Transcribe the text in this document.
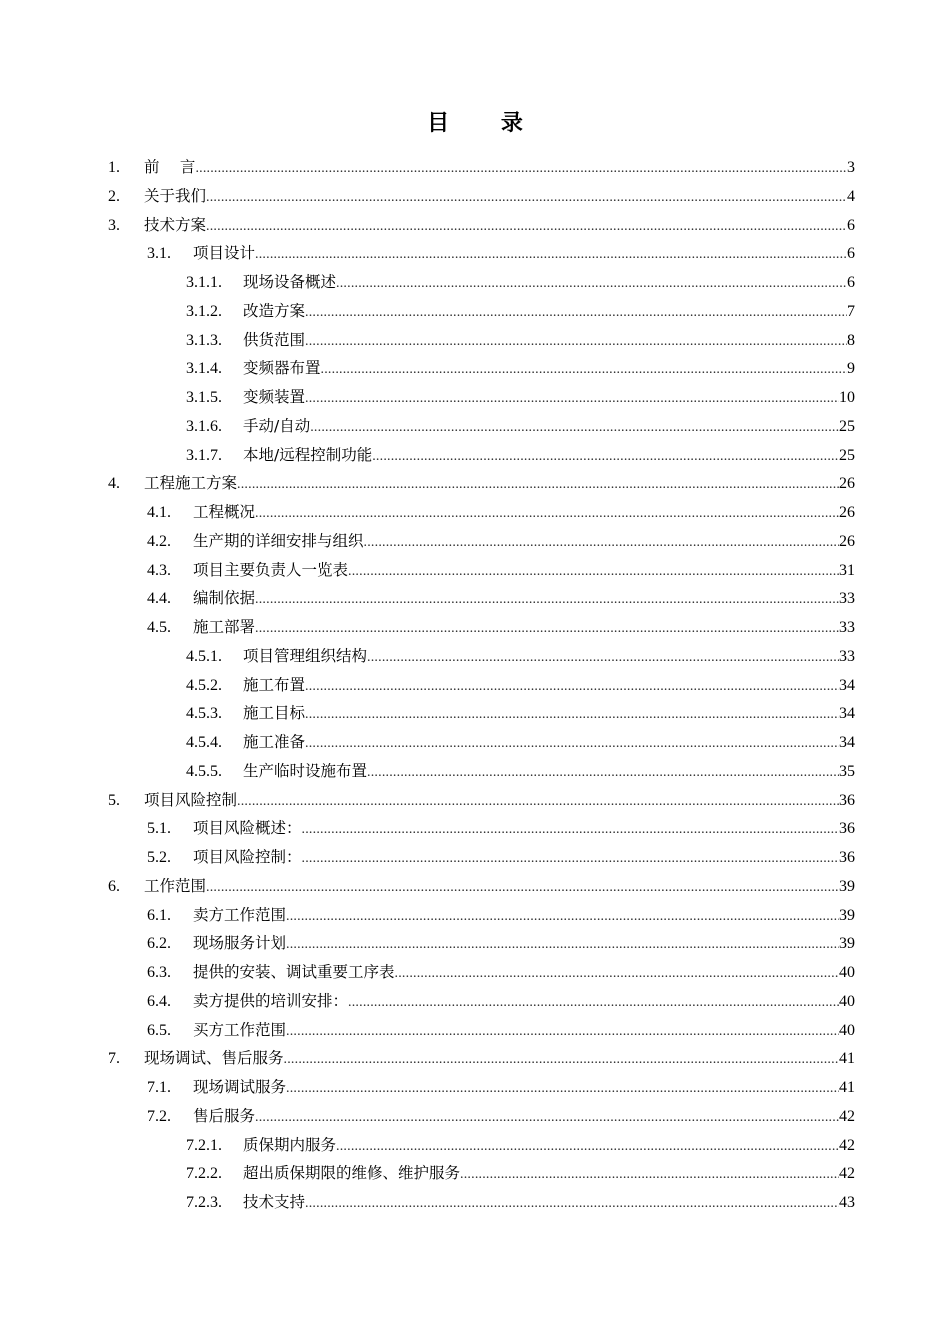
目 录
1.	前　 言 .....	3
2.	关于我们 .....	4
3.	技术方案 .....	6
3.1.	项目设计 .....	6
3.1.1.	现场设备概述 .....	6
3.1.2.	改造方案 .....	7
3.1.3.	供货范围 .....	8
3.1.4.	变频器布置 .....	9
3.1.5.	变频装置 .....	10
3.1.6.	手动/自动 .....	25
3.1.7.	本地/远程控制功能 .....	25
4.	工程施工方案 .....	26
4.1.	工程概况 .....	26
4.2.	生产期的详细安排与组织 .....	26
4.3.	项目主要负责人一览表 .....	31
4.4.	编制依据 .....	33
4.5.	施工部署 .....	33
4.5.1.	项目管理组织结构 .....	33
4.5.2.	施工布置 .....	34
4.5.3.	施工目标 .....	34
4.5.4.	施工准备 .....	34
4.5.5.	生产临时设施布置 .....	35
5.	项目风险控制 .....	36
5.1.	项目风险概述： .....	36
5.2.	项目风险控制： .....	36
6.	工作范围 .....	39
6.1.	卖方工作范围 .....	39
6.2.	现场服务计划 .....	39
6.3.	提供的安装、调试重要工序表 .....	40
6.4.	卖方提供的培训安排： .....	40
6.5.	买方工作范围 .....	40
7.	现场调试、售后服务 .....	41
7.1.	现场调试服务 .....	41
7.2.	售后服务 .....	42
7.2.1.	质保期内服务 .....	42
7.2.2.	超出质保期限的维修、维护服务 .....	42
7.2.3.	技术支持 .....	43
